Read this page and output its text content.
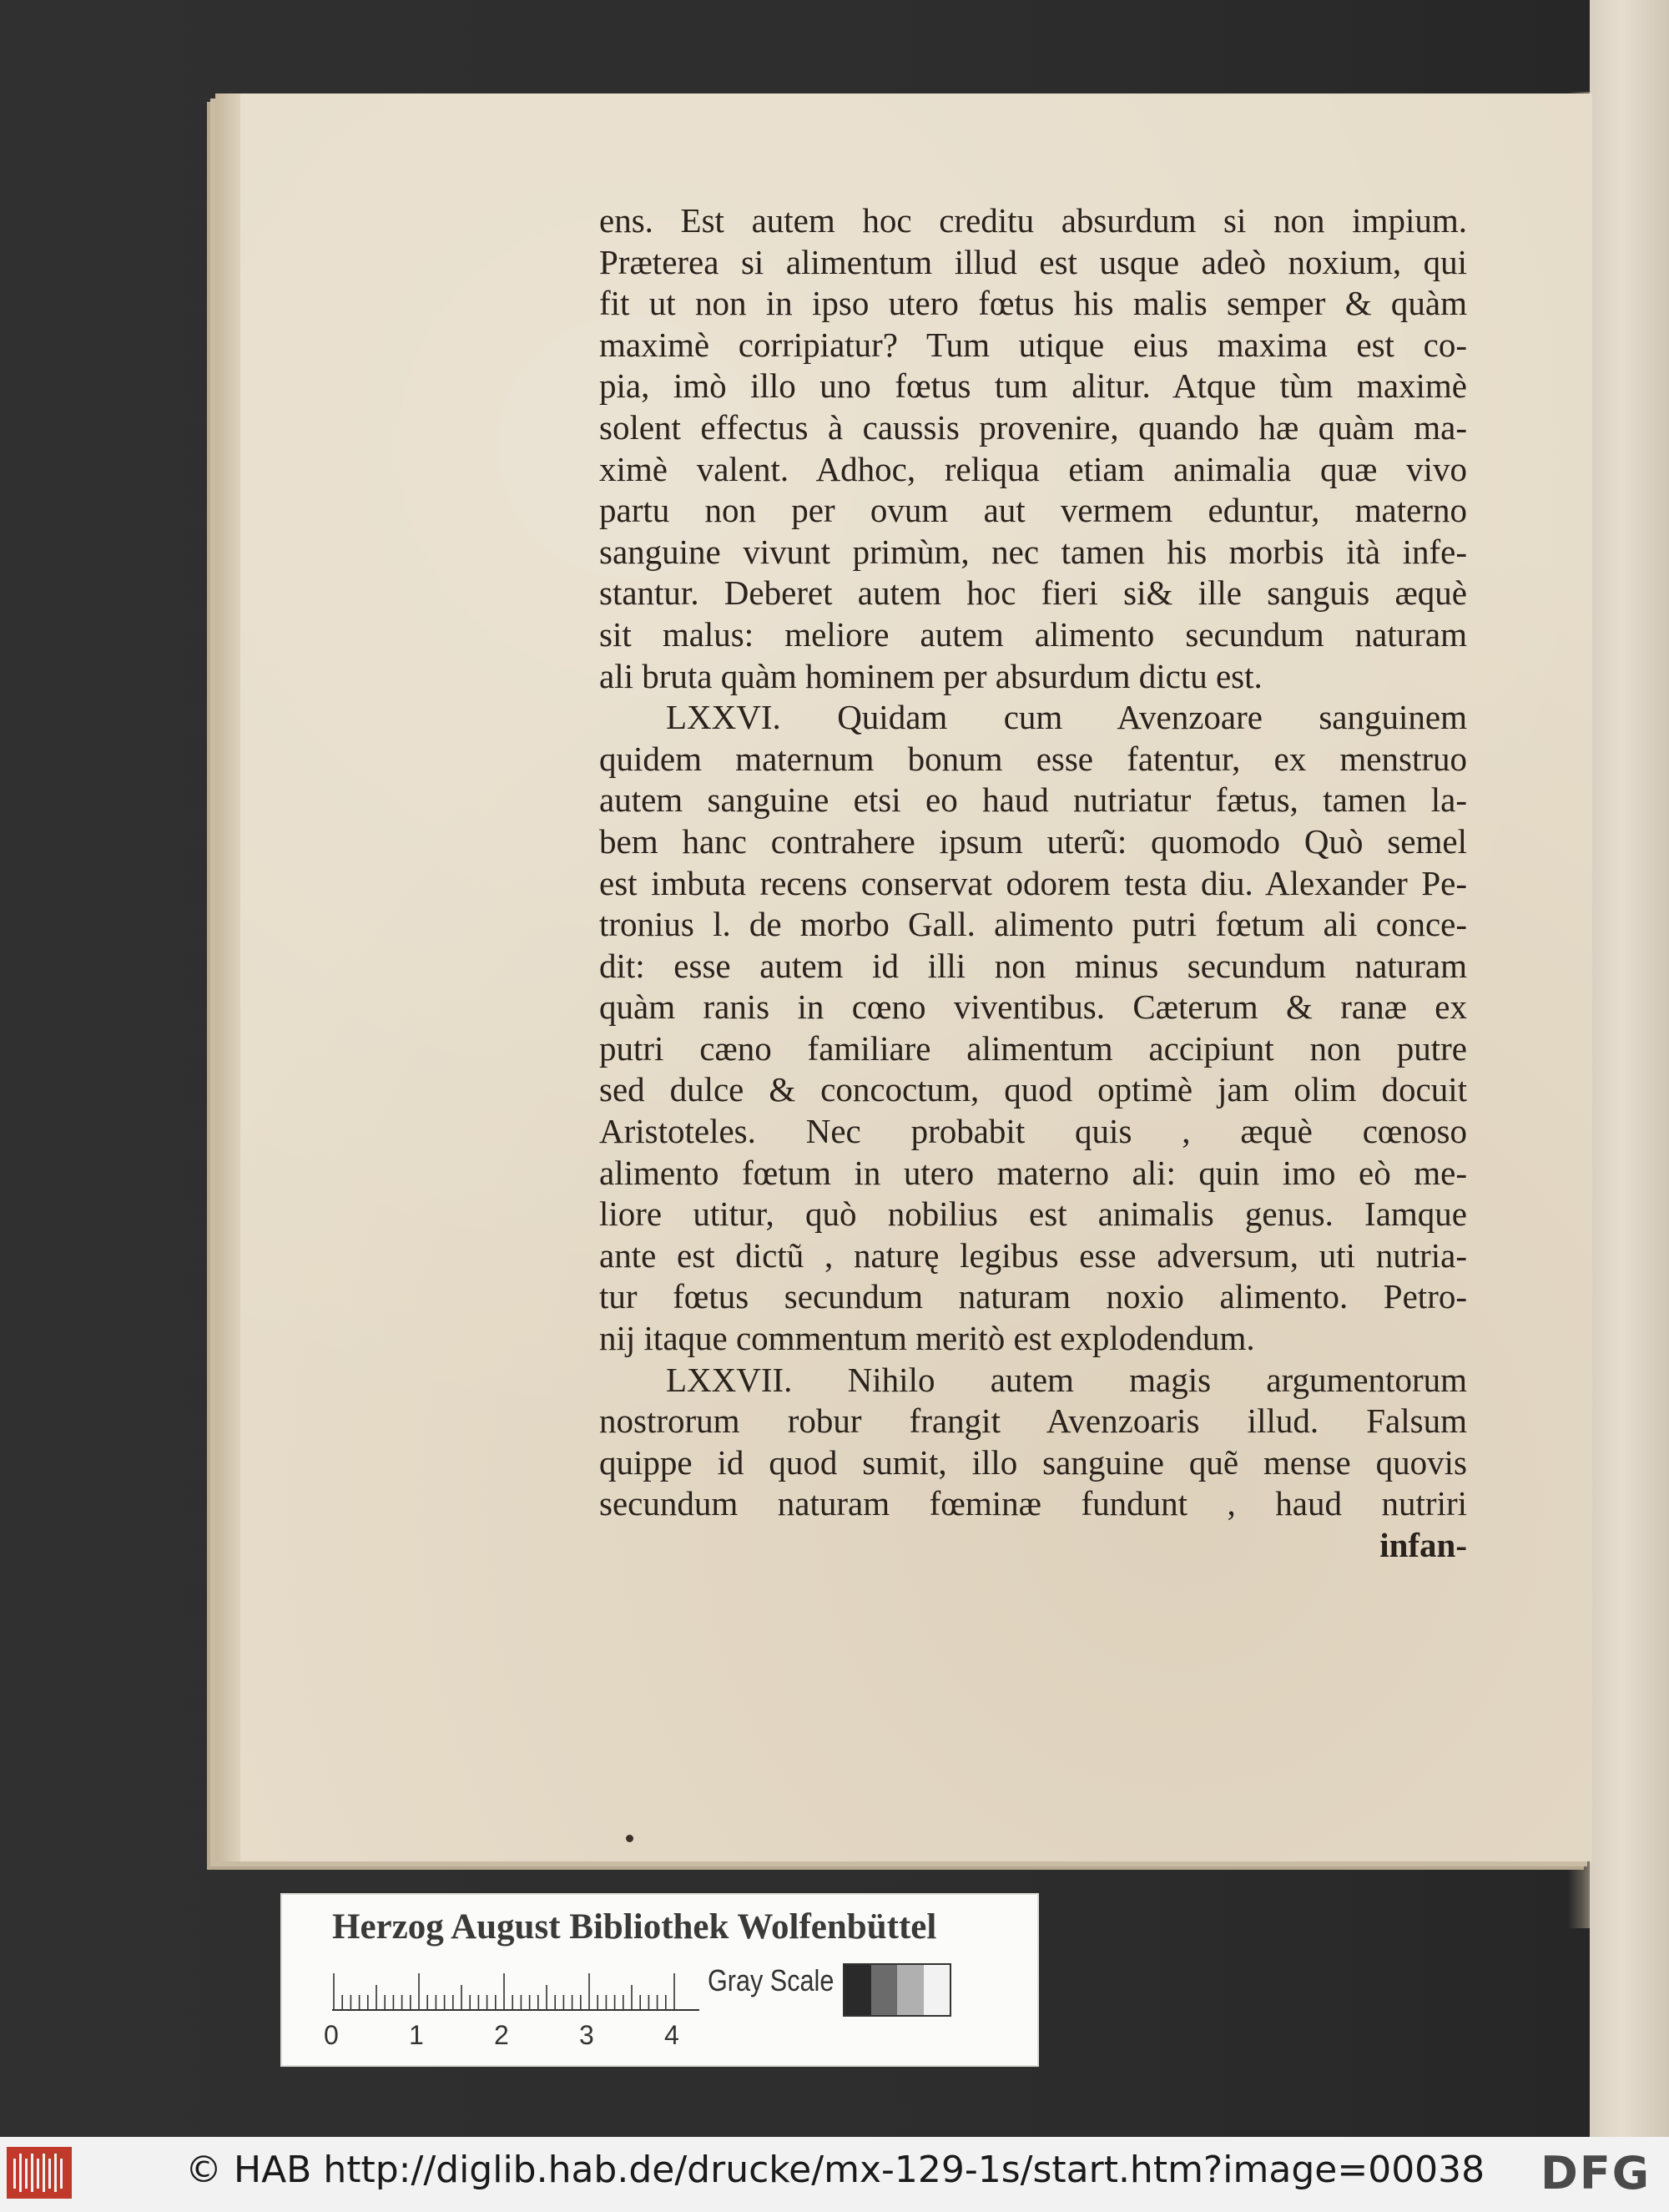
ens. Est autem hoc creditu absurdum si non impium.
Præterea si alimentum illud est usque adeò noxium, qui
fit ut non in ipso utero fœtus his malis semper & quàm
maximè corripiatur? Tum utique eius maxima est co-
pia, imò illo uno fœtus tum alitur. Atque tùm maximè
solent effectus à caussis provenire, quando hæ quàm ma-
ximè valent. Adhoc, reliqua etiam animalia quæ vivo
partu non per ovum aut vermem eduntur, materno
sanguine vivunt primùm, nec tamen his morbis ità infe-
stantur. Deberet autem hoc fieri si& ille sanguis æquè
sit malus: meliore autem alimento secundum naturam
ali bruta quàm hominem per absurdum dictu est.
LXXVI. Quidam cum Avenzoare sanguinem
quidem maternum bonum esse fatentur, ex menstruo
autem sanguine etsi eo haud nutriatur fætus, tamen la-
bem hanc contrahere ipsum uterũ: quomodo Quò semel
est imbuta recens conservat odorem testa diu. Alexander Pe-
tronius l. de morbo Gall. alimento putri fœtum ali conce-
dit: esse autem id illi non minus secundum naturam
quàm ranis in cœno viventibus. Cæterum & ranæ ex
putri cæno familiare alimentum accipiunt non putre
sed dulce & concoctum, quod optimè jam olim docuit
Aristoteles. Nec probabit quis , æquè cœnoso
alimento fœtum in utero materno ali: quin imo eò me-
liore utitur, quò nobilius est animalis genus. Iamque
ante est dictũ , naturę legibus esse adversum, uti nutria-
tur fœtus secundum naturam noxio alimento. Petro-
nij itaque commentum meritò est explodendum.
LXXVII. Nihilo autem magis argumentorum
nostrorum robur frangit Avenzoaris illud. Falsum
quippe id quod sumit, illo sanguine quẽ mense quovis
secundum naturam fœminæ fundunt , haud nutriri
infan-
Herzog August Bibliothek Wolfenbüttel
0	1	2	3	4
Gray Scale
© HAB http://diglib.hab.de/drucke/mx-129-1s/start.htm?image=00038 DFG
